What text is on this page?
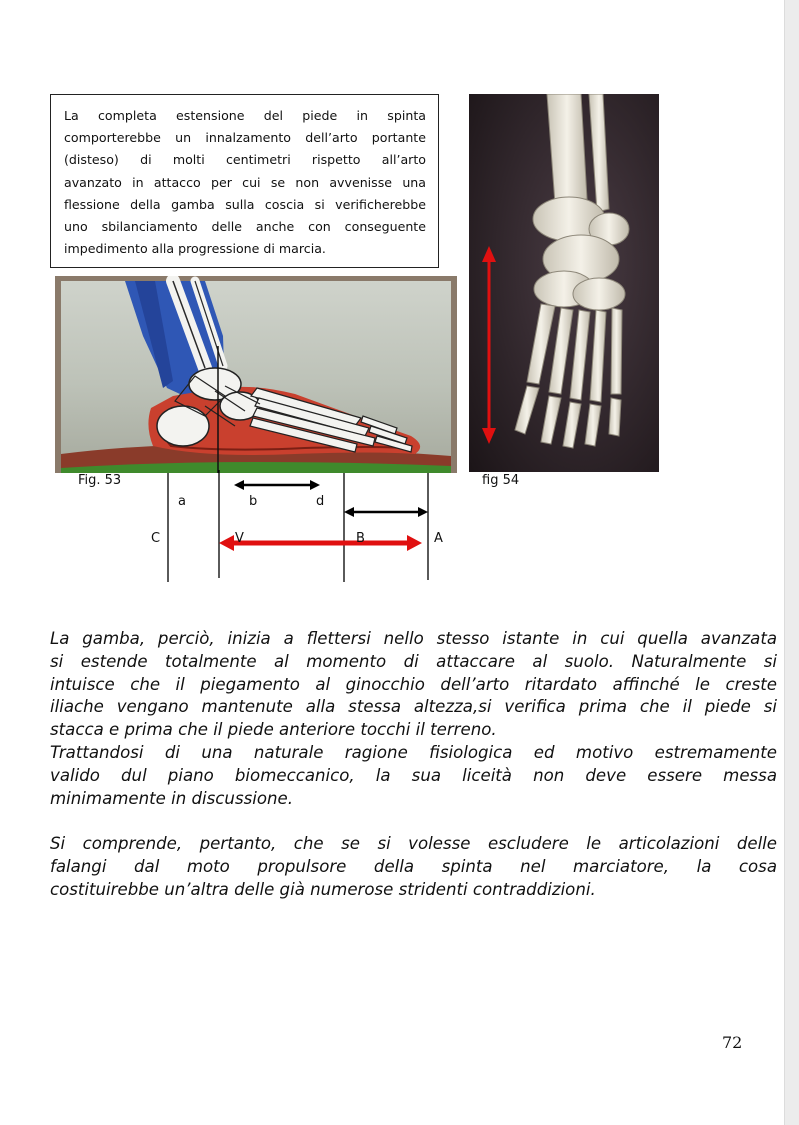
La completa estensione del piede in spinta
comporterebbe un innalzamento dell’arto portante
(disteso) di molti centimetri rispetto all’arto
avanzato in attacco per cui se non avvenisse una
flessione della gamba sulla coscia si verificherebbe
uno sbilanciamento delle anche con conseguente
impedimento alla progressione di marcia.
Fig. 53	fig 54
a	b	d
C	V	B	A
La gamba, perciò, inizia a flettersi nello stesso istante in cui quella avanzata
si estende totalmente al momento di attaccare al suolo. Naturalmente si
intuisce che il piegamento al ginocchio dell’arto ritardato affinché le creste
iliache vengano mantenute alla stessa altezza,si verifica prima che il piede si
stacca e prima che il piede anteriore tocchi il terreno.
Trattandosi di una naturale ragione fisiologica ed motivo estremamente
valido dul piano biomeccanico, la sua liceità non deve essere messa
minimamente in discussione.
Si comprende, pertanto, che se si volesse escludere le articolazioni delle
falangi dal moto propulsore della spinta nel marciatore, la cosa
costituirebbe un’altra delle già numerose stridenti contraddizioni.
72
